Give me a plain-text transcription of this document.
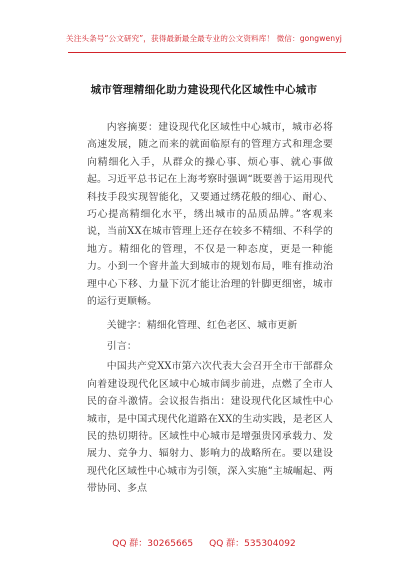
关注头条号“公文研究”，获得最新最全最专业的公文资料库！ 微信：gongwenyj
城市管理精细化助力建设现代化区域性中心城市

内容摘要：建设现代化区域性中心城市，城市必将高速发展，随之而来的就面临原有的管理方式和理念要向精细化入手，从群众的操心事、烦心事、就心事做起。习近平总书记在上海考察时强调“既要善于运用现代科技手段实现智能化，又要通过绣花般的细心、耐心、巧心提高精细化水平，绣出城市的品质品牌。”客观来说，当前XX在城市管理上还存在较多不精细、不科学的地方。精细化的管理，不仅是一种态度，更是一种能力。小到一个窨井盖大到城市的规划布局，唯有推动治理中心下移、力量下沉才能让治理的针脚更细密，城市的运行更顺畅。

关键字：精细化管理、红色老区、城市更新

引言：

中国共产党XX市第六次代表大会召开全市干部群众向着建设现代化区域中心城市阔步前进，点燃了全市人民的奋斗激情。会议报告指出：建设现代化区域性中心城市，是中国式现代化道路在XX的生动实践，是老区人民的热切期待。区域性中心城市是增强贵冈承载力、发展力、竞争力、辐射力、影响力的战略所在。要以建设现代化区域性中心城市为引领，深入实施“主城崛起、两带协同、多点

QQ 群：30265665 QQ 群：535304092
